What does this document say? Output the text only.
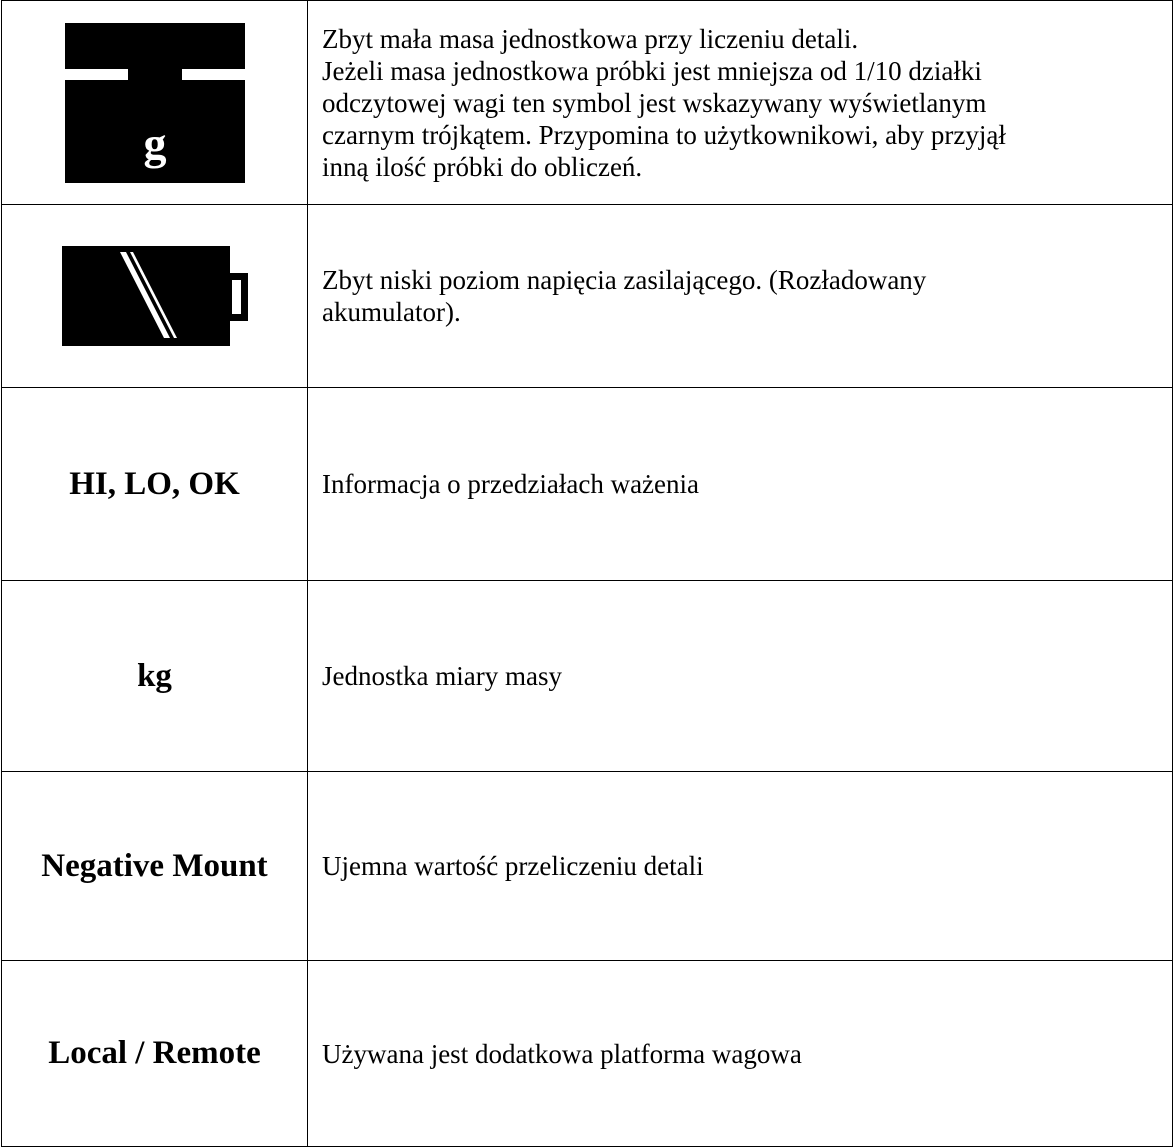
g	Zbyt mała masa jednostkowa przy liczeniu detali.
Jeżeli masa jednostkowa próbki jest mniejsza od 1/10 działki
odczytowej wagi ten symbol jest wskazywany wyświetlanym
czarnym trójkątem. Przypomina to użytkownikowi, aby przyjął
inną ilość próbki do obliczeń.

Zbyt niski poziom napięcia zasilającego. (Rozładowany
akumulator).

HI, LO, OK	Informacja o przedziałach ważenia

kg	Jednostka miary masy

Negative Mount	Ujemna wartość przeliczeniu detali

Local / Remote	Używana jest dodatkowa platforma wagowa
